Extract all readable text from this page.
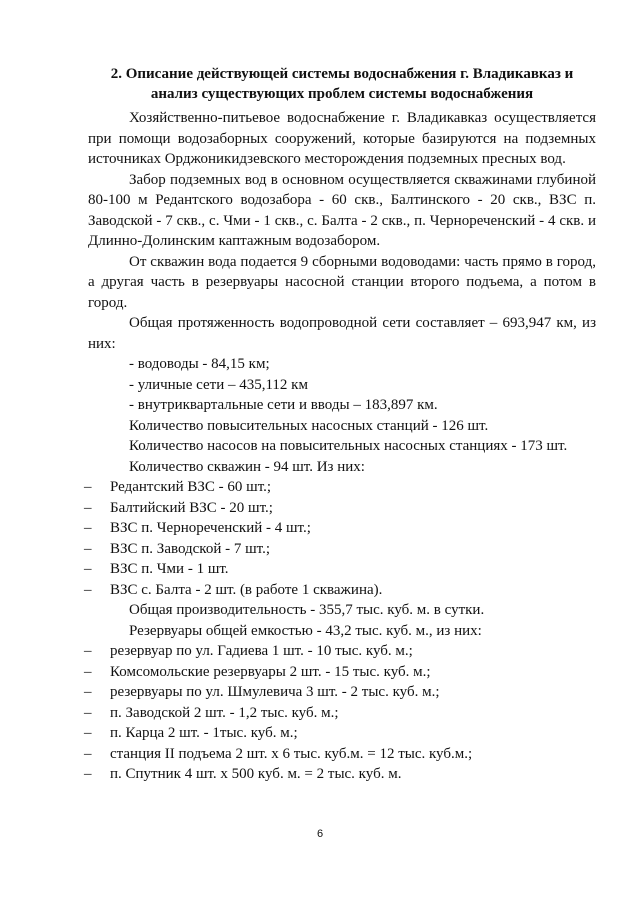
2. Описание действующей системы водоснабжения г. Владикавказ и анализ существующих проблем системы водоснабжения

Хозяйственно-питьевое водоснабжение г. Владикавказ осуществляется при помощи водозаборных сооружений, которые базируются на подземных источниках Орджоникидзевского месторождения подземных пресных вод.

Забор подземных вод в основном осуществляется скважинами глубиной 80-100 м Редантского водозабора - 60 скв., Балтинского - 20 скв., ВЗС п. Заводской - 7 скв., с. Чми - 1 скв., с. Балта - 2 скв., п. Чернореченский - 4 скв. и Длинно-Долинским каптажным водозабором.

От скважин вода подается 9 сборными водоводами: часть прямо в город, а другая часть в резервуары насосной станции второго подъема, а потом в город.

Общая протяженность водопроводной сети составляет – 693,947 км, из них:

- водоводы - 84,15 км;

- уличные сети – 435,112 км

- внутриквартальные сети и вводы – 183,897 км.

Количество повысительных насосных станций - 126 шт.

Количество насосов на повысительных насосных станциях - 173 шт.

Количество скважин - 94 шт. Из них:

– Редантский ВЗС - 60 шт.;
– Балтийский ВЗС - 20 шт.;
– ВЗС п. Чернореченский - 4 шт.;
– ВЗС п. Заводской - 7 шт.;
– ВЗС п. Чми - 1 шт.
– ВЗС с. Балта - 2 шт. (в работе 1 скважина).

Общая производительность - 355,7 тыс. куб. м. в сутки.

Резервуары общей емкостью - 43,2 тыс. куб. м., из них:

– резервуар по ул. Гадиева 1 шт. - 10 тыс. куб. м.;
– Комсомольские резервуары 2 шт. - 15 тыс. куб. м.;
– резервуары по ул. Шмулевича 3 шт. - 2 тыс. куб. м.;
– п. Заводской 2 шт. - 1,2 тыс. куб. м.;
– п. Карца 2 шт. - 1тыс. куб. м.;
– станция II подъема 2 шт. х 6 тыс. куб.м. = 12 тыс. куб.м.;
– п. Спутник 4 шт. х 500 куб. м. = 2 тыс. куб. м.
6
